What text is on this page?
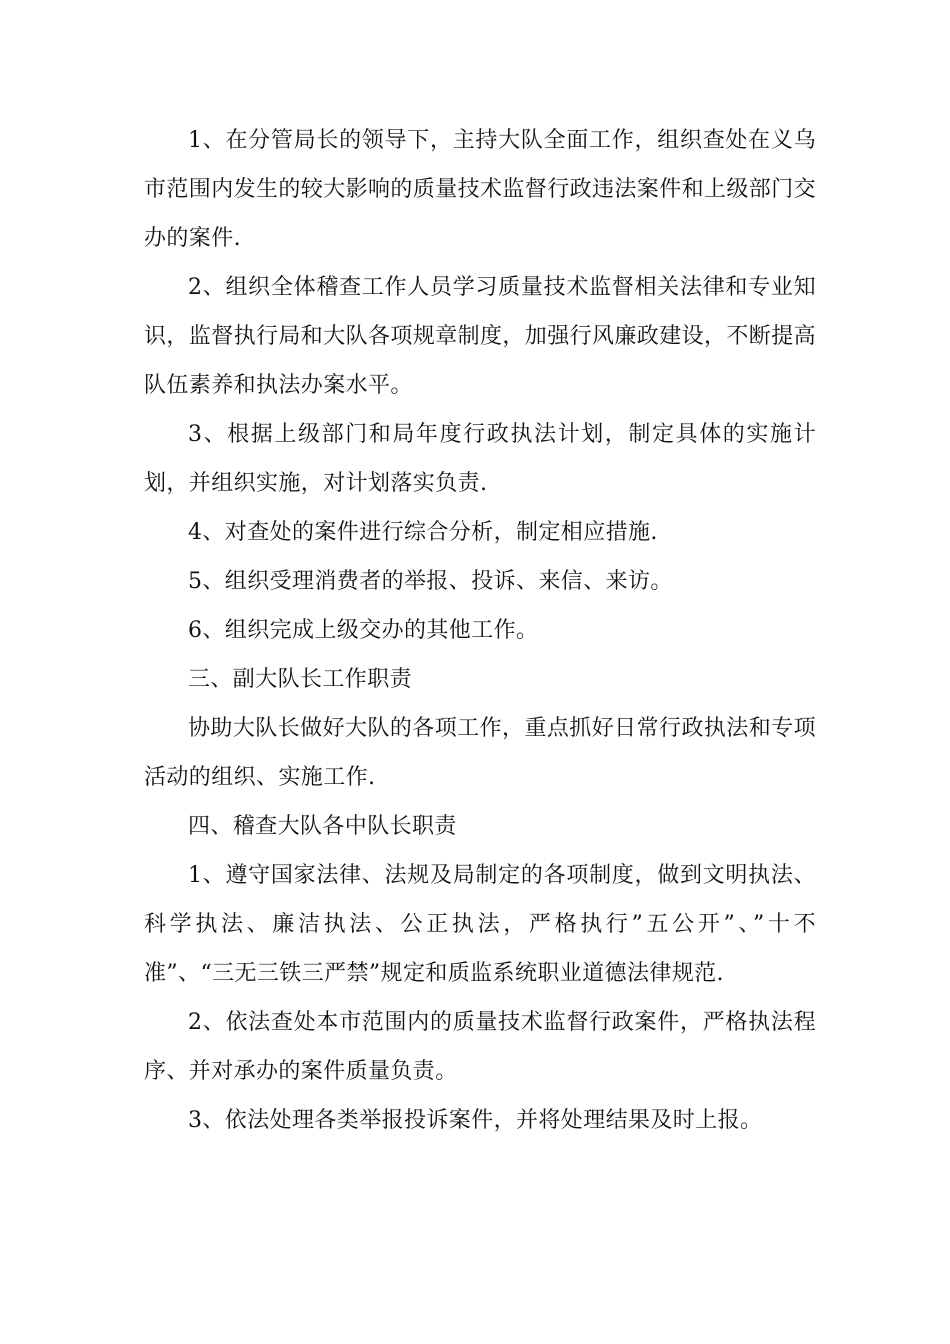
1、在分管局长的领导下，主持大队全面工作，组织查处在义乌市范围内发生的较大影响的质量技术监督行政违法案件和上级部门交办的案件.

2、组织全体稽查工作人员学习质量技术监督相关法律和专业知识，监督执行局和大队各项规章制度，加强行风廉政建设，不断提高队伍素养和执法办案水平。

3、根据上级部门和局年度行政执法计划，制定具体的实施计划，并组织实施，对计划落实负责.

4、对查处的案件进行综合分析，制定相应措施.

5、组织受理消费者的举报、投诉、来信、来访。

6、组织完成上级交办的其他工作。

三、副大队长工作职责

协助大队长做好大队的各项工作，重点抓好日常行政执法和专项活动的组织、实施工作.

四、稽查大队各中队长职责

1、遵守国家法律、法规及局制定的各项制度，做到文明执法、科学执法、廉洁执法、公正执法，严格执行”五公开”、”十不准”、“三无三铁三严禁”规定和质监系统职业道德法律规范.

2、依法查处本市范围内的质量技术监督行政案件，严格执法程序、并对承办的案件质量负责。

3、依法处理各类举报投诉案件，并将处理结果及时上报。
